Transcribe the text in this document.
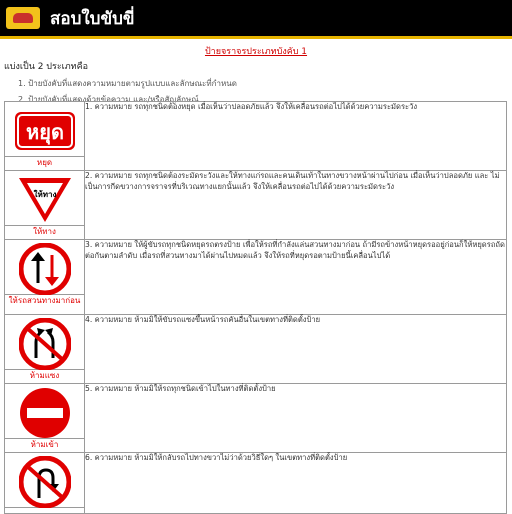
สอบใบขับขี่
ป้ายจราจรประเภทบังคับ 1
แบ่งเป็น 2 ประเภทคือ
1. ป้ายบังคับที่แสดงความหมายตามรูปแบบและลักษณะที่กำหนด
2. ป้ายบังคับที่แสดงด้วยข้อความ และ/หรือสัญลักษณ์
หยุด
หยุด	1. ความหมาย รถทุกชนิดต้องหยุด เมื่อเห็นว่าปลอดภัยแล้ว จึงให้เคลื่อนรถต่อไปได้ด้วยความระมัดระวัง

ให้ทาง
ให้ทาง	2. ความหมาย รถทุกชนิดต้องระมัดระวังและให้ทางแก่รถและคนเดินเท้าในทางขวางหน้าผ่านไปก่อน เมื่อเห็นว่าปลอดภัย และ ไม่เป็นการกีดขวางการจราจรที่บริเวณทางแยกนั้นแล้ว จึงให้เคลื่อนรถต่อไปได้ด้วยความระมัดระวัง

ให้รถสวนทางมาก่อน	3. ความหมาย ให้ผู้ขับรถทุกชนิดหยุดรถตรงป้าย เพื่อให้รถที่กำลังแล่นสวนทางมาก่อน ถ้ามีรถข้างหน้าหยุดรออยู่ก่อนก็ให้หยุดรถถัดต่อกันตามลำดับ เมื่อรถที่สวนทางมาได้ผ่านไปหมดแล้ว จึงให้รถที่หยุดรอตามป้ายนี้เคลื่อนไปได้

ห้ามแซง	4. ความหมาย ห้ามมิให้ขับรถแซงขึ้นหน้ารถคันอื่นในเขตทางที่ติดตั้งป้าย

ห้ามเข้า	5. ความหมาย ห้ามมิให้รถทุกชนิดเข้าไปในทางที่ติดตั้งป้าย

	6. ความหมาย ห้ามมิให้กลับรถไปทางขวาไม่ว่าด้วยวิธีใดๆ ในเขตทางที่ติดตั้งป้าย
